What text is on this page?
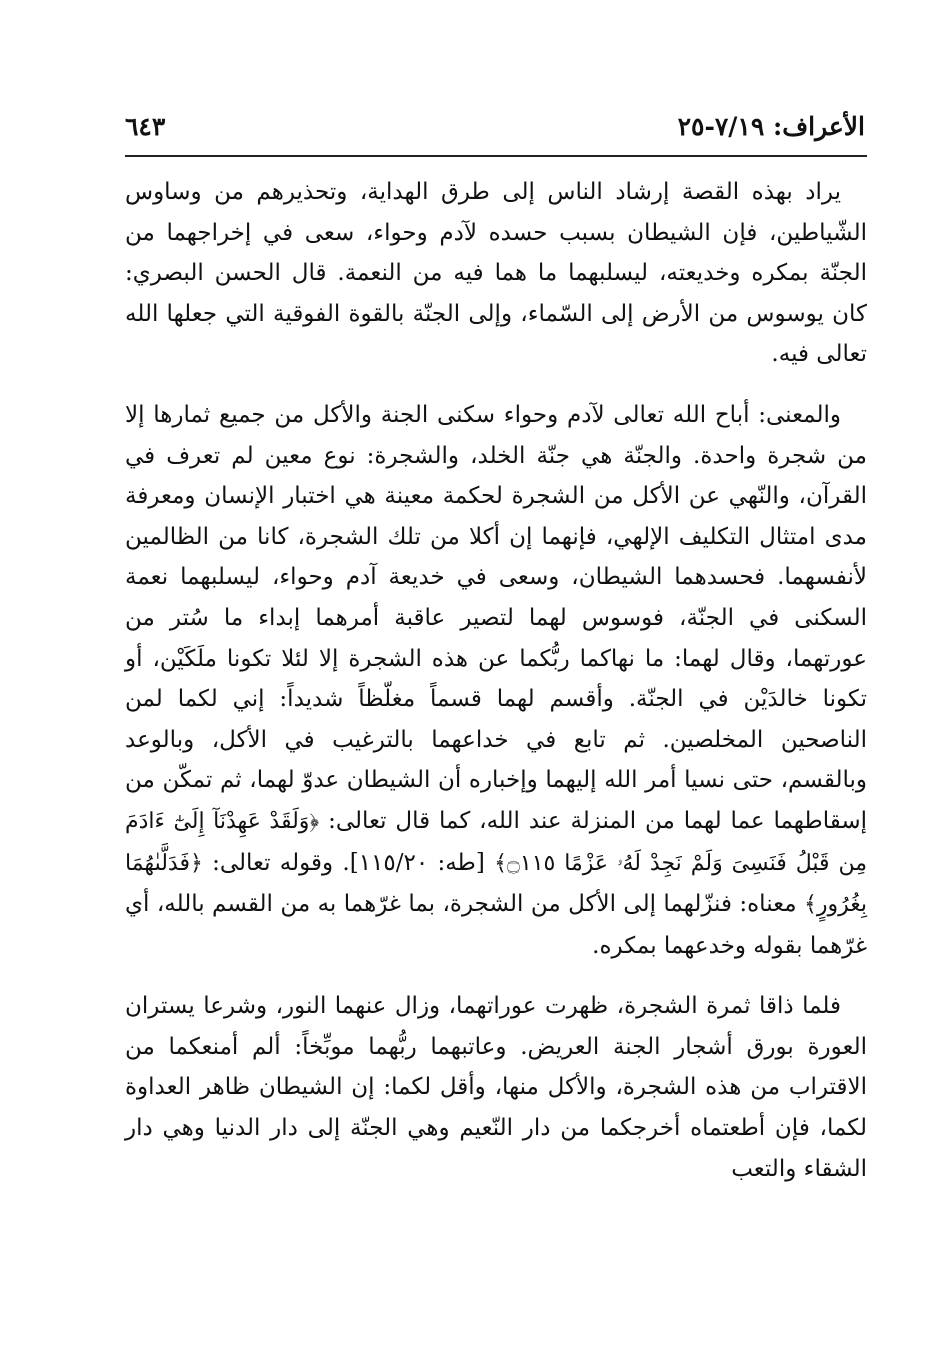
الأعراف: ٧/١٩-٢٥
٦٤٣

يراد بهذه القصة إرشاد الناس إلى طرق الهداية، وتحذيرهم من وساوس الشّياطين، فإن الشيطان بسبب حسده لآدم وحواء، سعى في إخراجهما من الجنّة بمكره وخديعته، ليسلبهما ما هما فيه من النعمة. قال الحسن البصري: كان يوسوس من الأرض إلى السّماء، وإلى الجنّة بالقوة الفوقية التي جعلها الله تعالى فيه.

والمعنى: أباح الله تعالى لآدم وحواء سكنى الجنة والأكل من جميع ثمارها إلا من شجرة واحدة. والجنّة هي جنّة الخلد، والشجرة: نوع معين لم تعرف في القرآن، والنّهي عن الأكل من الشجرة لحكمة معينة هي اختبار الإنسان ومعرفة مدى امتثال التكليف الإلهي، فإنهما إن أكلا من تلك الشجرة، كانا من الظالمين لأنفسهما. فحسدهما الشيطان، وسعى في خديعة آدم وحواء، ليسلبهما نعمة السكنى في الجنّة، فوسوس لهما لتصير عاقبة أمرهما إبداء ما سُتر من عورتهما، وقال لهما: ما نهاكما ربُّكما عن هذه الشجرة إلا لئلا تكونا ملَكَيْن، أو تكونا خالدَيْن في الجنّة. وأقسم لهما قسماً مغلّظاً شديداً: إني لكما لمن الناصحين المخلصين. ثم تابع في خداعهما بالترغيب في الأكل، وبالوعد وبالقسم، حتى نسيا أمر الله إليهما وإخباره أن الشيطان عدوّ لهما، ثم تمكّن من إسقاطهما عما لهما من المنزلة عند الله، كما قال تعالى: ﴿وَلَقَدْ عَهِدْنَآ إِلَىٰٓ ءَادَمَ مِن قَبْلُ فَنَسِىَ وَلَمْ نَجِدْ لَهُۥ عَزْمًا ۝١١٥﴾ [طه: ١١٥/٢٠]. وقوله تعالى: ﴿فَدَلَّىٰهُمَا بِغُرُورٍ﴾ معناه: فنزّلهما إلى الأكل من الشجرة، بما غرّهما به من القسم بالله، أي غرّهما بقوله وخدعهما بمكره.

فلما ذاقا ثمرة الشجرة، ظهرت عوراتهما، وزال عنهما النور، وشرعا يستران العورة بورق أشجار الجنة العريض. وعاتبهما ربُّهما موبِّخاً: ألم أمنعكما من الاقتراب من هذه الشجرة، والأكل منها، وأقل لكما: إن الشيطان ظاهر العداوة لكما، فإن أطعتماه أخرجكما من دار النّعيم وهي الجنّة إلى دار الدنيا وهي دار الشقاء والتعب
